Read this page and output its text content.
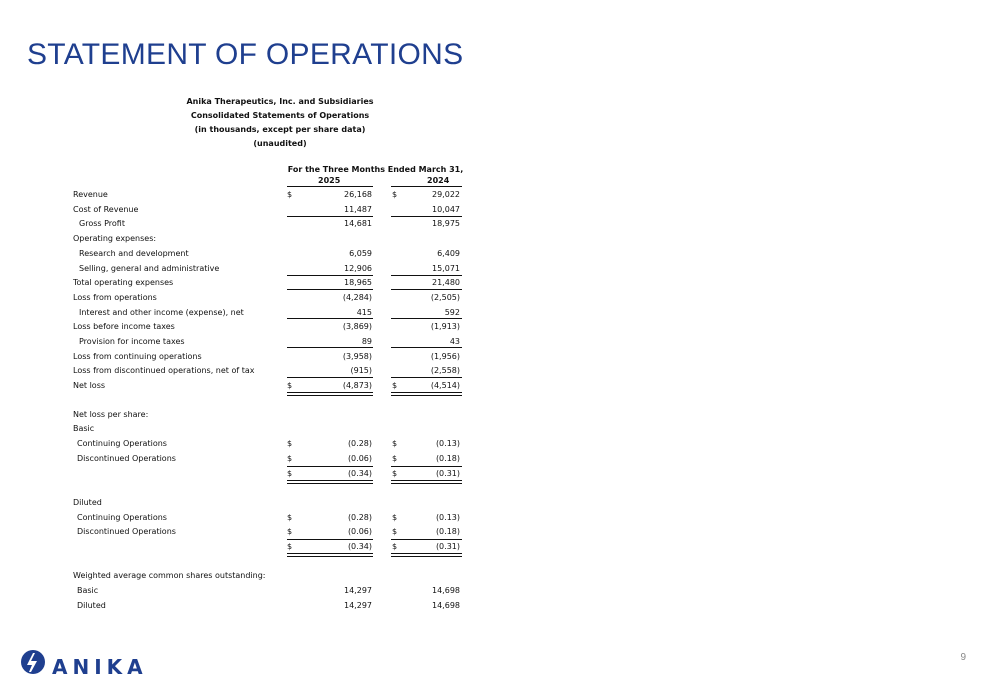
STATEMENT OF OPERATIONS
Anika Therapeutics, Inc. and Subsidiaries
Consolidated Statements of Operations
(in thousands, except per share data)
(unaudited)
For the Three Months Ended March 31,
2025	2024
Revenue	$	26,168	$	29,022
Cost of Revenue	11,487	10,047
Gross Profit	14,681	18,975
Operating expenses:
Research and development	6,059	6,409
Selling, general and administrative	12,906	15,071
Total operating expenses	18,965	21,480
Loss from operations	(4,284)	(2,505)
Interest and other income (expense), net	415	592
Loss before income taxes	(3,869)	(1,913)
Provision for income taxes	89	43
Loss from continuing operations	(3,958)	(1,956)
Loss from discontinued operations, net of tax	(915)	(2,558)
Net loss	$	(4,873)	$	(4,514)
Net loss per share:
Basic
Continuing Operations	$	(0.28)	$	(0.13)
Discontinued Operations	$	(0.06)	$	(0.18)
$	(0.34)	$	(0.31)
Diluted
Continuing Operations	$	(0.28)	$	(0.13)
Discontinued Operations	$	(0.06)	$	(0.18)
$	(0.34)	$	(0.31)
Weighted average common shares outstanding:
Basic	14,297	14,698
Diluted	14,297	14,698
ANIKA	9
